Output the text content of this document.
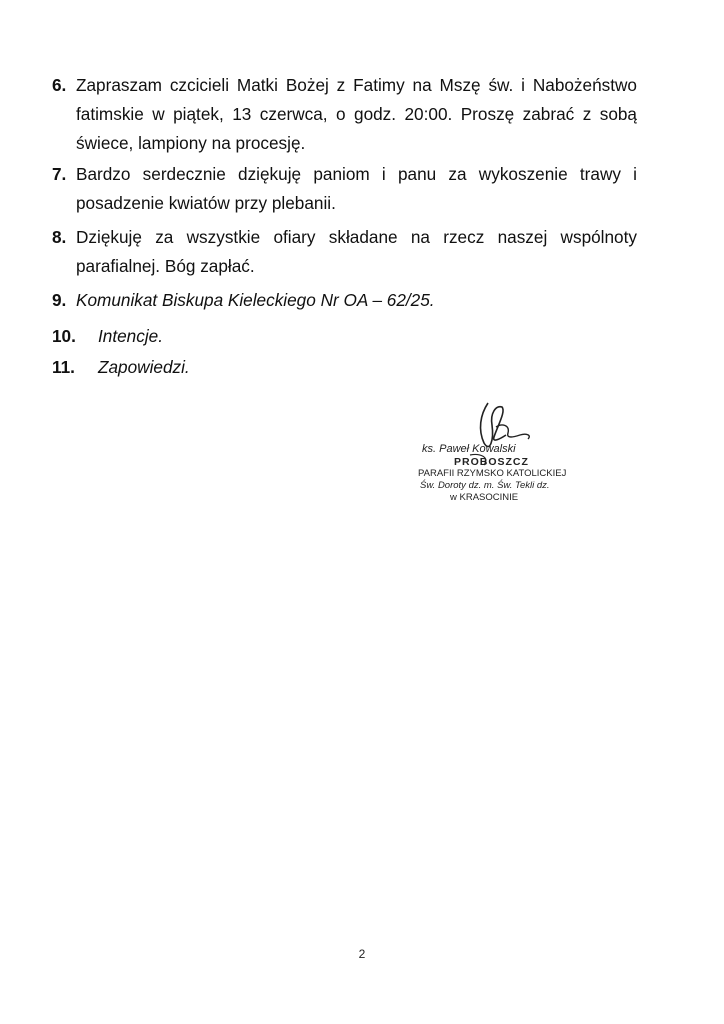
6. Zapraszam czcicieli Matki Bożej z Fatimy na Mszę św. i Nabożeństwo fatimskie w piątek, 13 czerwca, o godz. 20:00. Proszę zabrać z sobą świece, lampiony na procesję.
7. Bardzo serdecznie dziękuję paniom i panu za wykoszenie trawy i posadzenie kwiatów przy plebanii.
8. Dziękuję za wszystkie ofiary składane na rzecz naszej wspólnoty parafialnej. Bóg zapłać.
9. Komunikat Biskupa Kieleckiego Nr OA – 62/25.
10.	Intencje.
11.	Zapowiedzi.
ks. Paweł Kowalski
PROBOSZCZ
PARAFII RZYMSKO KATOLICKIEJ
Św. Doroty dz. m. Św. Tekli dz.
w KRASOCINIE
2
